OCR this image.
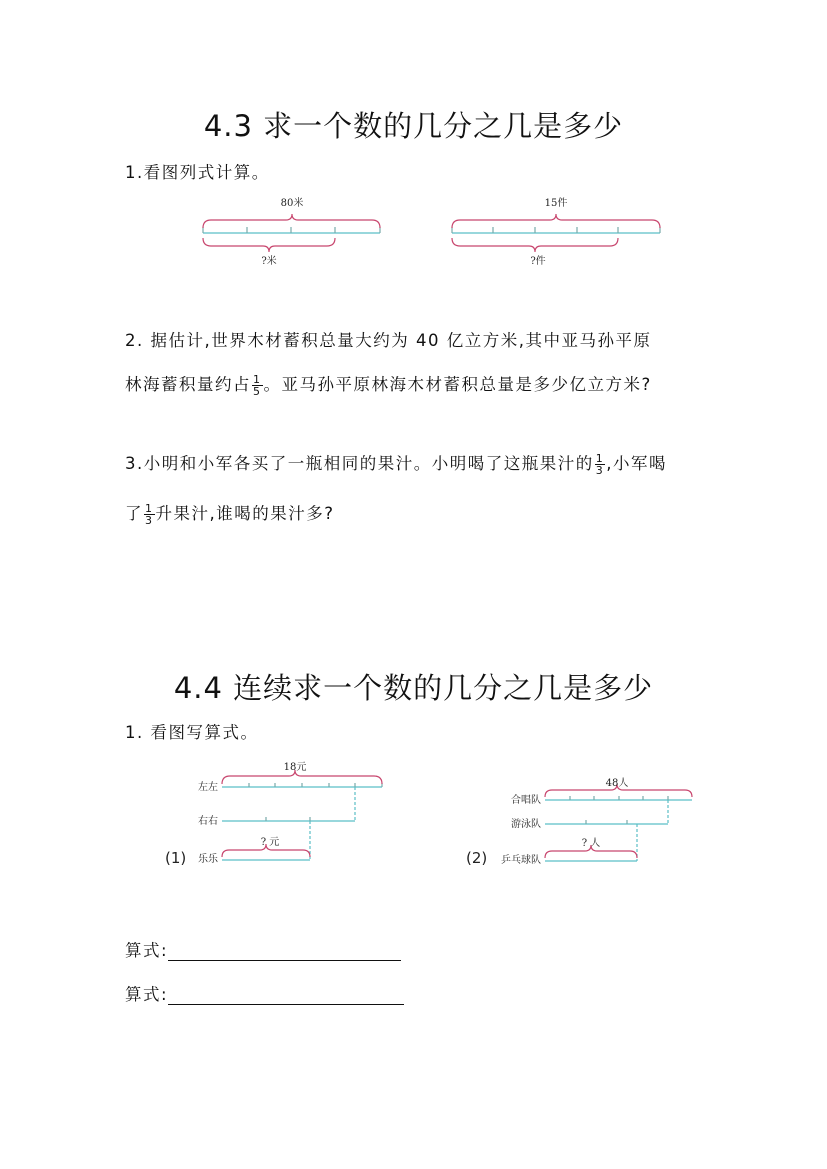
4.3 求一个数的几分之几是多少
1.看图列式计算。
80米
?米
15件
?件
18元
左左
右右
乐乐
? 元
(1)
48人
合唱队
游泳队
乒乓球队
? 人
(2)
2. 据估计,世界木材蓄积总量大约为 40 亿立方米,其中亚马孙平原
林海蓄积量约占 $\frac{1}{5}$ 。亚马孙平原林海木材蓄积总量是多少亿立方米?
3.小明和小军各买了一瓶相同的果汁。小明喝了这瓶果汁的 $\frac{1}{3}$ ,小军喝
了 $\frac{1}{3}$ 升果汁,谁喝的果汁多?
4.4 连续求一个数的几分之几是多少
1. 看图写算式。
算式:
算式:
